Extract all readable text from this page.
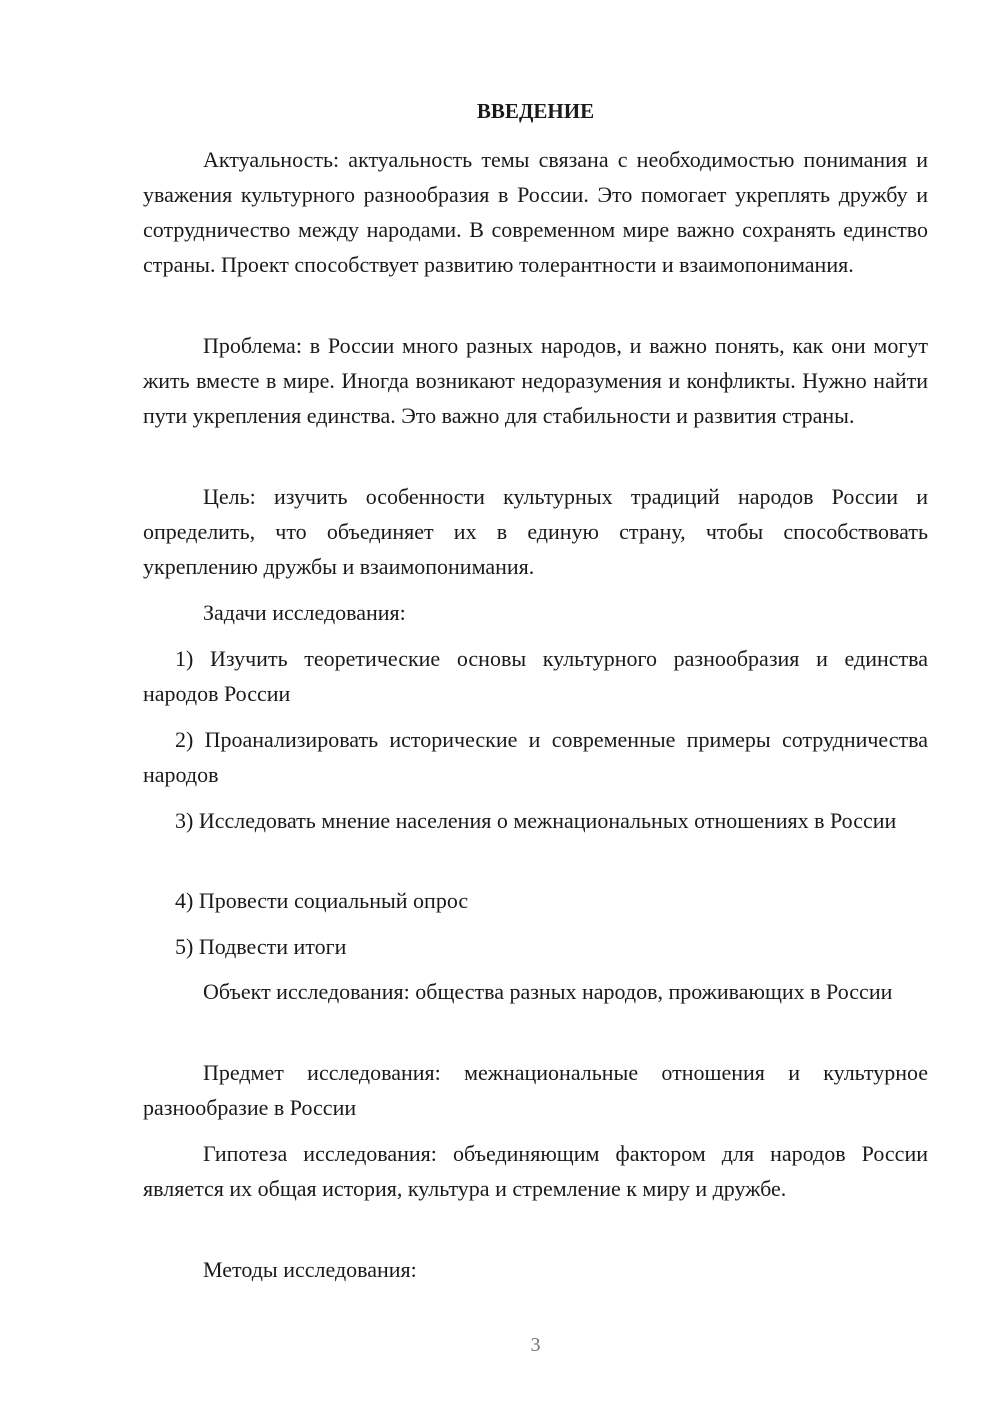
ВВЕДЕНИЕ

Актуальность: актуальность темы связана с необходимостью понимания и уважения культурного разнообразия в России. Это помогает укреплять дружбу и сотрудничество между народами. В современном мире важно сохранять единство страны. Проект способствует развитию толерантности и взаимопонимания.

Проблема: в России много разных народов, и важно понять, как они могут жить вместе в мире. Иногда возникают недоразумения и конфликты. Нужно найти пути укрепления единства. Это важно для стабильности и развития страны.

Цель: изучить особенности культурных традиций народов России и определить, что объединяет их в единую страну, чтобы способствовать укреплению дружбы и взаимопонимания.

Задачи исследования:

1) Изучить теоретические основы культурного разнообразия и единства народов России

2) Проанализировать исторические и современные примеры сотрудничества народов

3) Исследовать мнение населения о межнациональных отношениях в России

4) Провести социальный опрос

5) Подвести итоги

Объект исследования: общества разных народов, проживающих в России

Предмет исследования: межнациональные отношения и культурное разнообразие в России

Гипотеза исследования: объединяющим фактором для народов России является их общая история, культура и стремление к миру и дружбе.

Методы исследования:

3
